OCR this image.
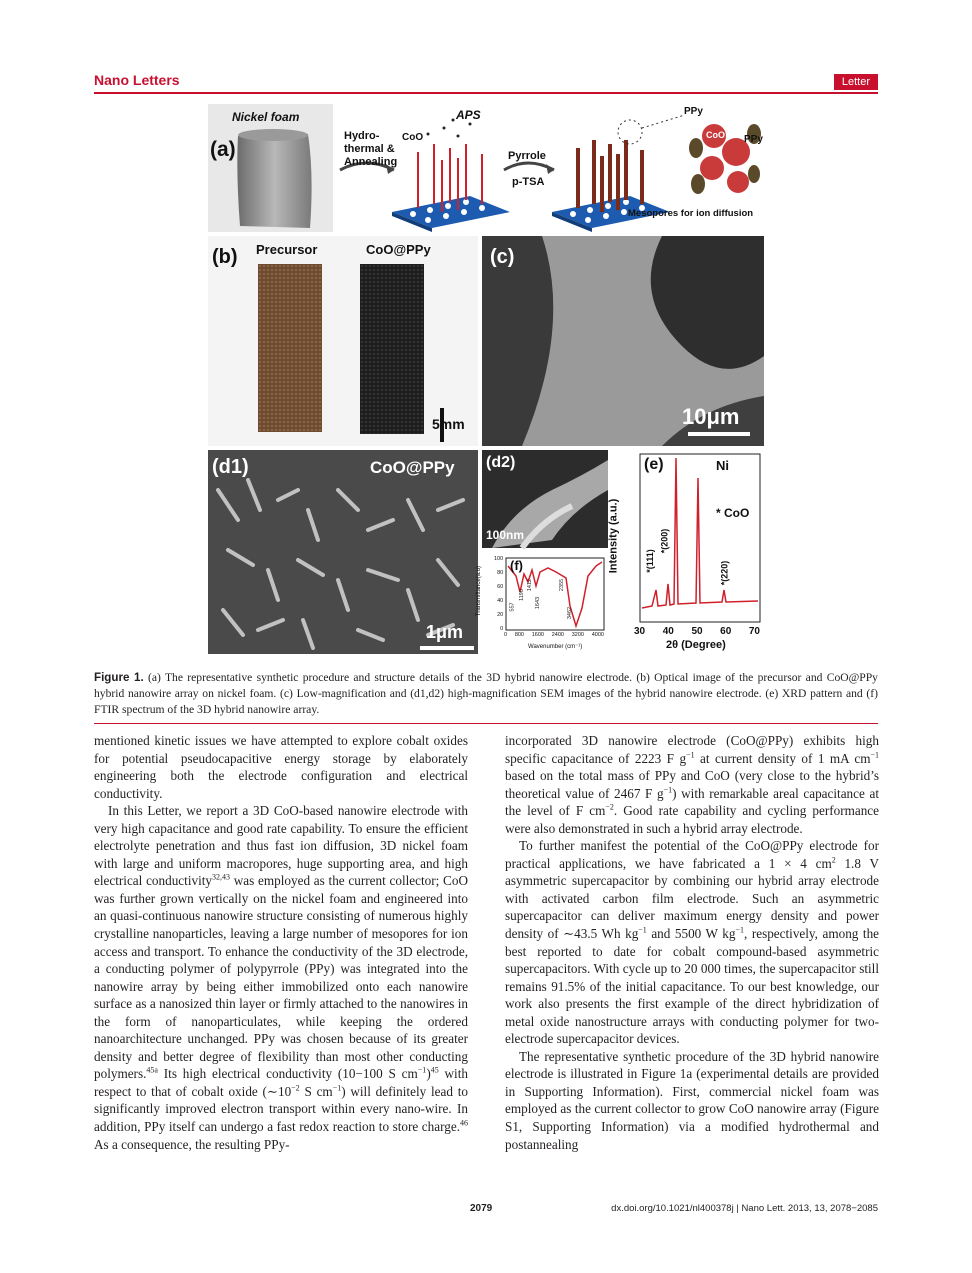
Nano Letters	Letter
(a)
Nickel foam
Hydro-
thermal &
Annealing
APS
CoO
Pyrrole
p-TSA
PPy
CoO PPy
Mesopores for ion diffusion
(b) Precursor	CoO@PPy
5mm
(c)
10μm
(d1)	CoO@PPy
1μm
(d2)
100nm
(f)
Transmittance(a.u)
Wavenumber (cm⁻¹)
0 800 1600 2400 3200 4000
100
80
60
40
20
0
557
1190
1412
1643
2355
3462
(e)	Ni
* CoO
Intensity (a.u.)
30 40 50 60 70
2θ (Degree)
*(111)
*(200)
*(220)
Figure 1. (a) The representative synthetic procedure and structure details of the 3D hybrid nanowire electrode. (b) Optical image of the precursor and CoO@PPy hybrid nanowire array on nickel foam. (c) Low-magnification and (d1,d2) high-magnification SEM images of the hybrid nanowire electrode. (e) XRD pattern and (f) FTIR spectrum of the 3D hybrid nanowire array.

mentioned kinetic issues we have attempted to explore cobalt oxides for potential pseudocapacitive energy storage by elaborately engineering both the electrode configuration and electrical conductivity.

In this Letter, we report a 3D CoO-based nanowire electrode with very high capacitance and good rate capability. To ensure the efficient electrolyte penetration and thus fast ion diffusion, 3D nickel foam with large and uniform macropores, huge supporting area, and high electrical conductivity$^{32,43}$ was employed as the current collector; CoO was further grown vertically on the nickel foam and engineered into an quasi-continuous nanowire structure consisting of numerous highly crystalline nanoparticles, leaving a large number of mesopores for ion access and transport. To enhance the conductivity of the 3D electrode, a conducting polymer of polypyrrole (PPy) was integrated into the nanowire array by being either immobilized onto each nanowire surface as a nanosized thin layer or firmly attached to the nanowires in the form of nanoparticulates, while keeping the ordered nanoarchitecture unchanged. PPy was chosen because of its greater density and better degree of flexibility than most other conducting polymers.$^{45a}$ Its high electrical conductivity (10−100 S $cm^{-1})^{45}$ with respect to that of cobalt oxide ($\sim 10^{-2}$ S $cm^{-1}$) will definitely lead to significantly improved electron transport within every nano-wire. In addition, PPy itself can undergo a fast redox reaction to store charge.$^{46}$ As a consequence, the resulting PPy-

incorporated 3D nanowire electrode (CoO@PPy) exhibits high specific capacitance of 2223 F $g^{-1}$ at current density of 1 mA $cm^{-1}$ based on the total mass of PPy and CoO (very close to the hybrid’s theoretical value of 2467 F $g^{-1}$) with remarkable areal capacitance at the level of F $cm^{-2}$. Good rate capability and cycling performance were also demonstrated in such a hybrid array electrode.

To further manifest the potential of the CoO@PPy electrode for practical applications, we have fabricated a 1 × 4 $cm^2$ 1.8 V asymmetric supercapacitor by combining our hybrid array electrode with activated carbon film electrode. Such an asymmetric supercapacitor can deliver maximum energy density and power density of ∼43.5 Wh $kg^{-1}$ and 5500 W $kg^{-1}$, respectively, among the best reported to date for cobalt compound-based asymmetric supercapacitors. With cycle up to 20 000 times, the supercapacitor still remains 91.5% of the initial capacitance. To our best knowledge, our work also presents the first example of the direct hybridization of metal oxide nanostructure arrays with conducting polymer for two-electrode supercapacitor devices.

The representative synthetic procedure of the 3D hybrid nanowire electrode is illustrated in Figure 1a (experimental details are provided in Supporting Information). First, commercial nickel foam was employed as the current collector to grow CoO nanowire array (Figure S1, Supporting Information) via a modified hydrothermal and postannealing

2079	dx.doi.org/10.1021/nl400378j | Nano Lett. 2013, 13, 2078−2085
